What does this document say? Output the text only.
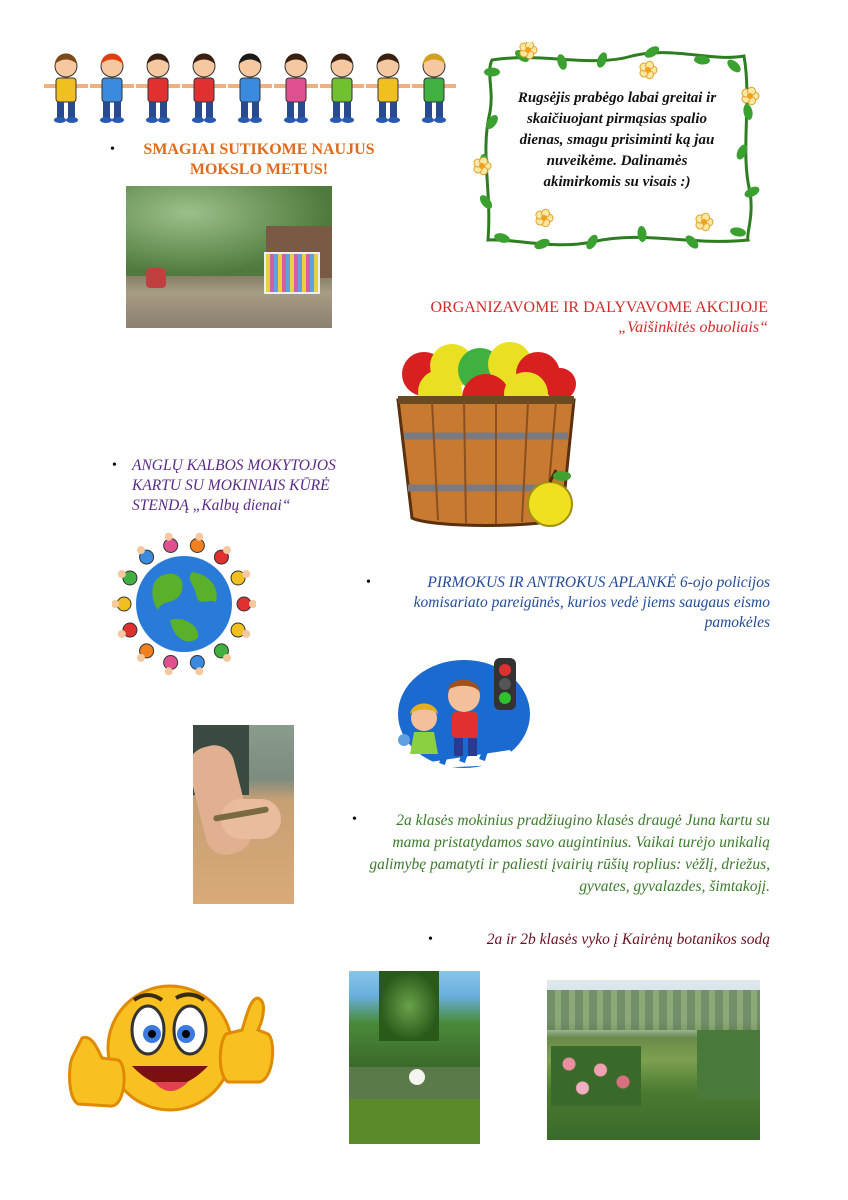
Rugsėjis prabėgo labai greitai ir skaičiuojant pirmąsias spalio dienas, smagu prisiminti ką jau nuveikėme. Dalinamės akimirkomis su visais :)
•	SMAGIAI SUTIKOME NAUJUS MOKSLO METUS!
ORGANIZAVOME IR DALYVAVOME AKCIJOJE
„Vaišinkitės obuoliais“
• ANGLŲ KALBOS MOKYTOJOS KARTU SU MOKINIAIS KŪRĖ STENDĄ „Kalbų dienai“
•	PIRMOKUS IR ANTROKUS APLANKĖ 6-ojo policijos komisariato pareigūnės, kurios vedė jiems saugaus eismo pamokėles
•	2a klasės mokinius pradžiugino klasės draugė Juna kartu su mama pristatydamos savo augintinius. Vaikai turėjo unikalią galimybę pamatyti ir paliesti įvairių rūšių roplius: vėžlį, driežus, gyvates, gyvalazdes, šimtakojį.
•	2a ir 2b klasės vyko į Kairėnų botanikos sodą
